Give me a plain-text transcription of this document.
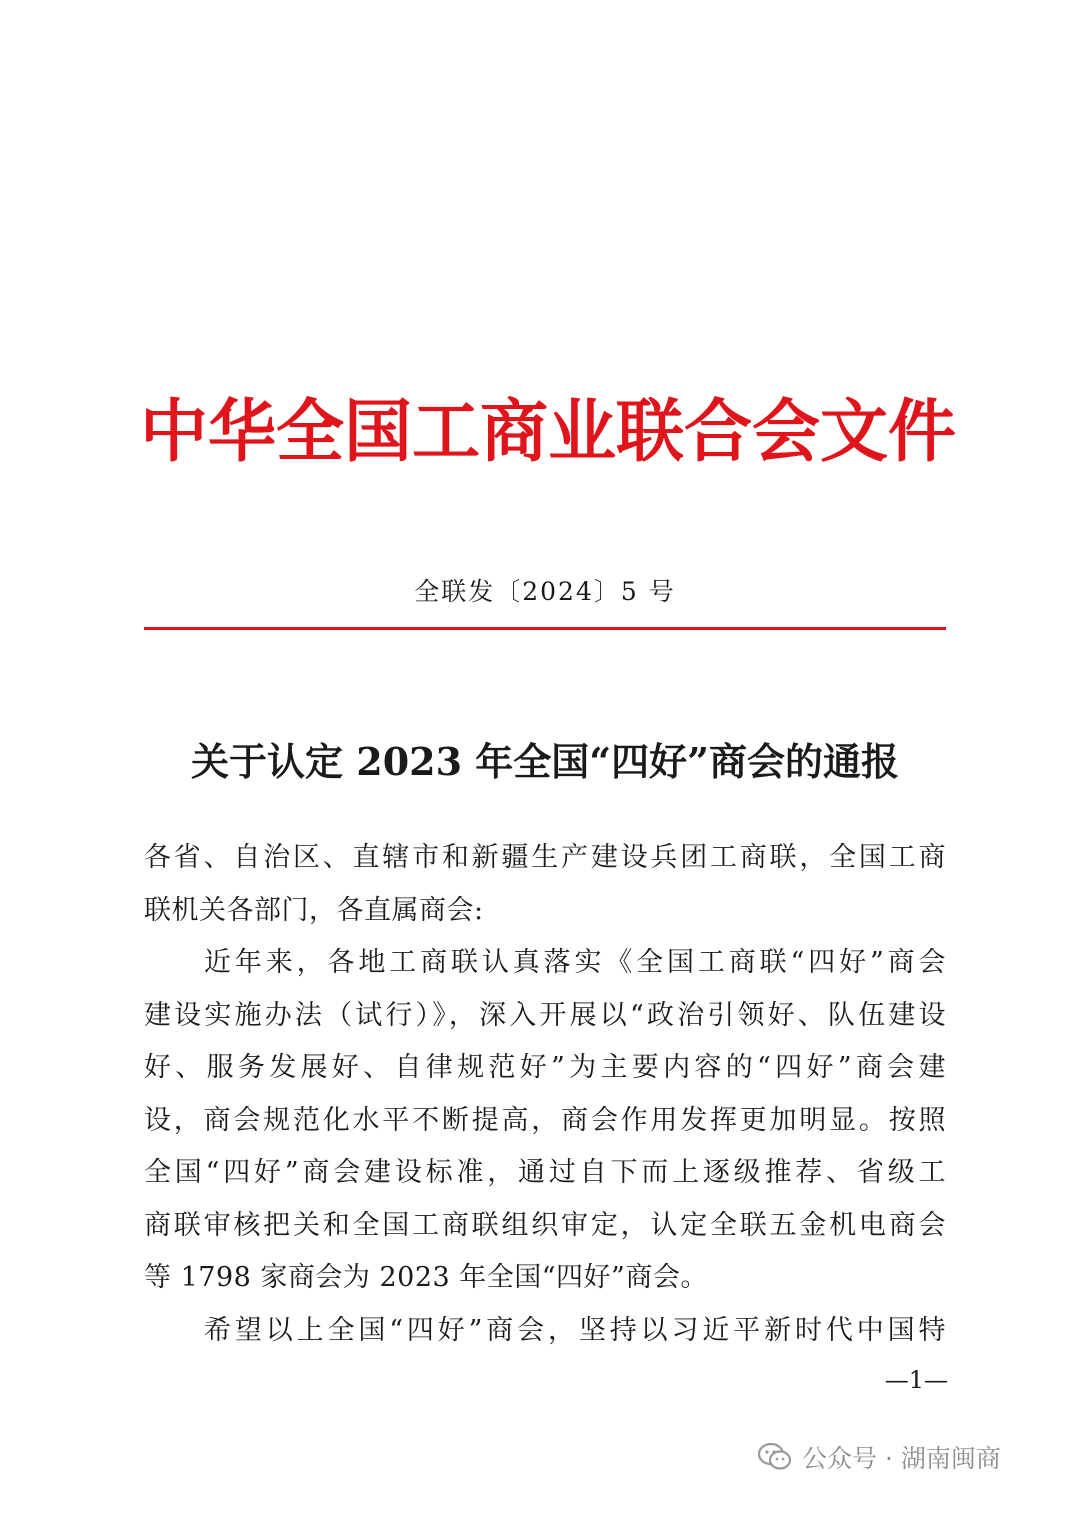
中华全国工商业联合会文件
全联发〔2024〕5 号
关于认定 2023 年全国“四好”商会的通报
各省、自治区、直辖市和新疆生产建设兵团工商联，全国工商
联机关各部门，各直属商会:
近年来，各地工商联认真落实《全国工商联“四好”商会
建设实施办法（试行）》，深入开展以“政治引领好、队伍建设
好、服务发展好、自律规范好”为主要内容的“四好”商会建
设，商会规范化水平不断提高，商会作用发挥更加明显。按照
全国“四好”商会建设标准，通过自下而上逐级推荐、省级工
商联审核把关和全国工商联组织审定，认定全联五金机电商会
等 1798 家商会为 2023 年全国“四好”商会。
希望以上全国“四好”商会，坚持以习近平新时代中国特
—1—
公众号 · 湖南闽商
